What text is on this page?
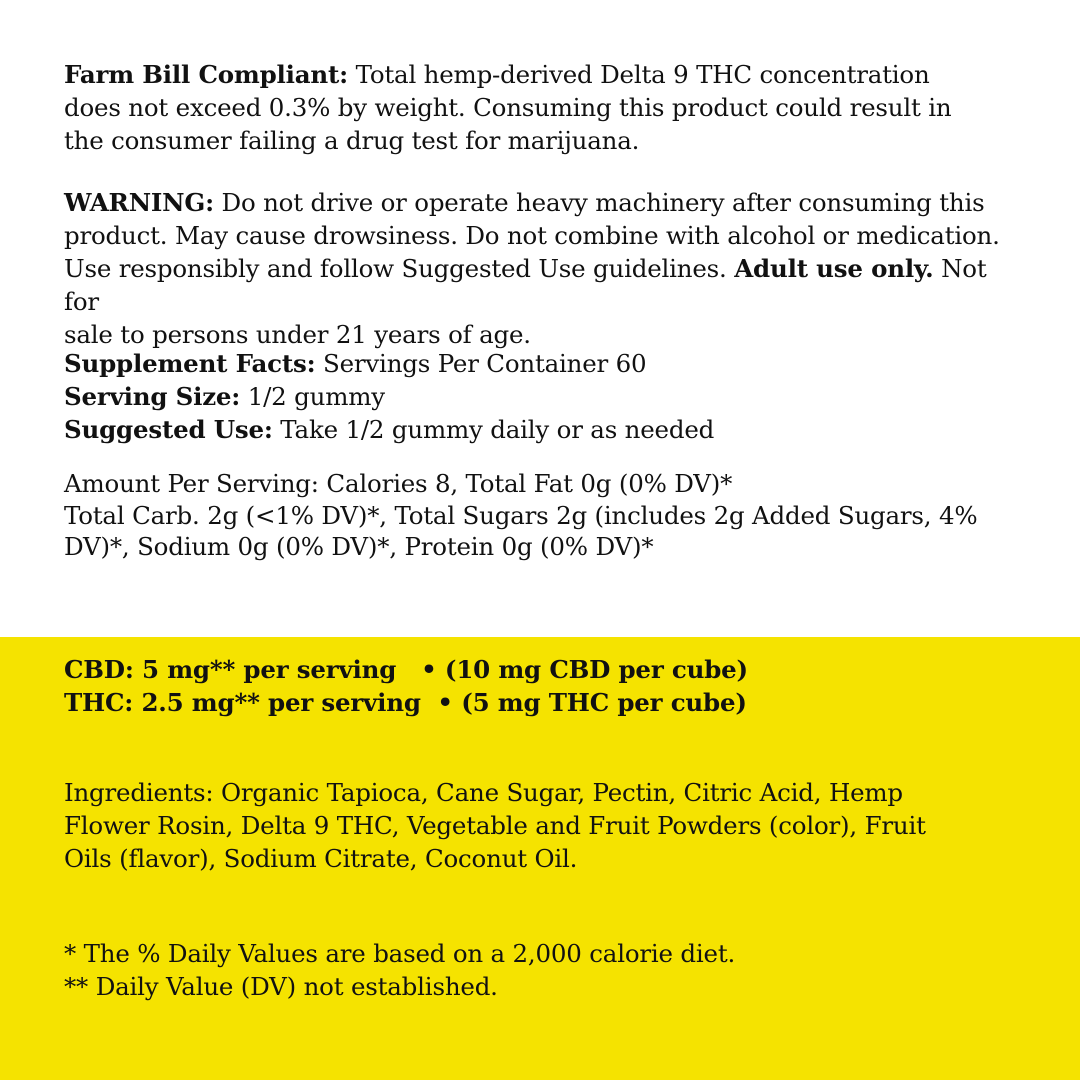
Farm Bill Compliant: Total hemp-derived Delta 9 THC concentration

does not exceed 0.3% by weight. Consuming this product could result in

the consumer failing a drug test for marijuana.

WARNING: Do not drive or operate heavy machinery after consuming this

product. May cause drowsiness. Do not combine with alcohol or medication.

Use responsibly and follow Suggested Use guidelines. Adult use only. Not for

sale to persons under 21 years of age.

Supplement Facts: Servings Per Container 60

Serving Size: 1/2 gummy

Suggested Use: Take 1/2 gummy daily or as needed

Amount Per Serving: Calories 8, Total Fat 0g (0% DV)*

Total Carb. 2g (<1% DV)*, Total Sugars 2g (includes 2g Added Sugars, 4%

DV)*, Sodium 0g (0% DV)*, Protein 0g (0% DV)*

CBD: 5 mg** per serving   • (10 mg CBD per cube)

THC: 2.5 mg** per serving  • (5 mg THC per cube)

Ingredients: Organic Tapioca, Cane Sugar, Pectin, Citric Acid, Hemp

Flower Rosin, Delta 9 THC, Vegetable and Fruit Powders (color), Fruit

Oils (flavor), Sodium Citrate, Coconut Oil.

* The % Daily Values are based on a 2,000 calorie diet.

** Daily Value (DV) not established.
